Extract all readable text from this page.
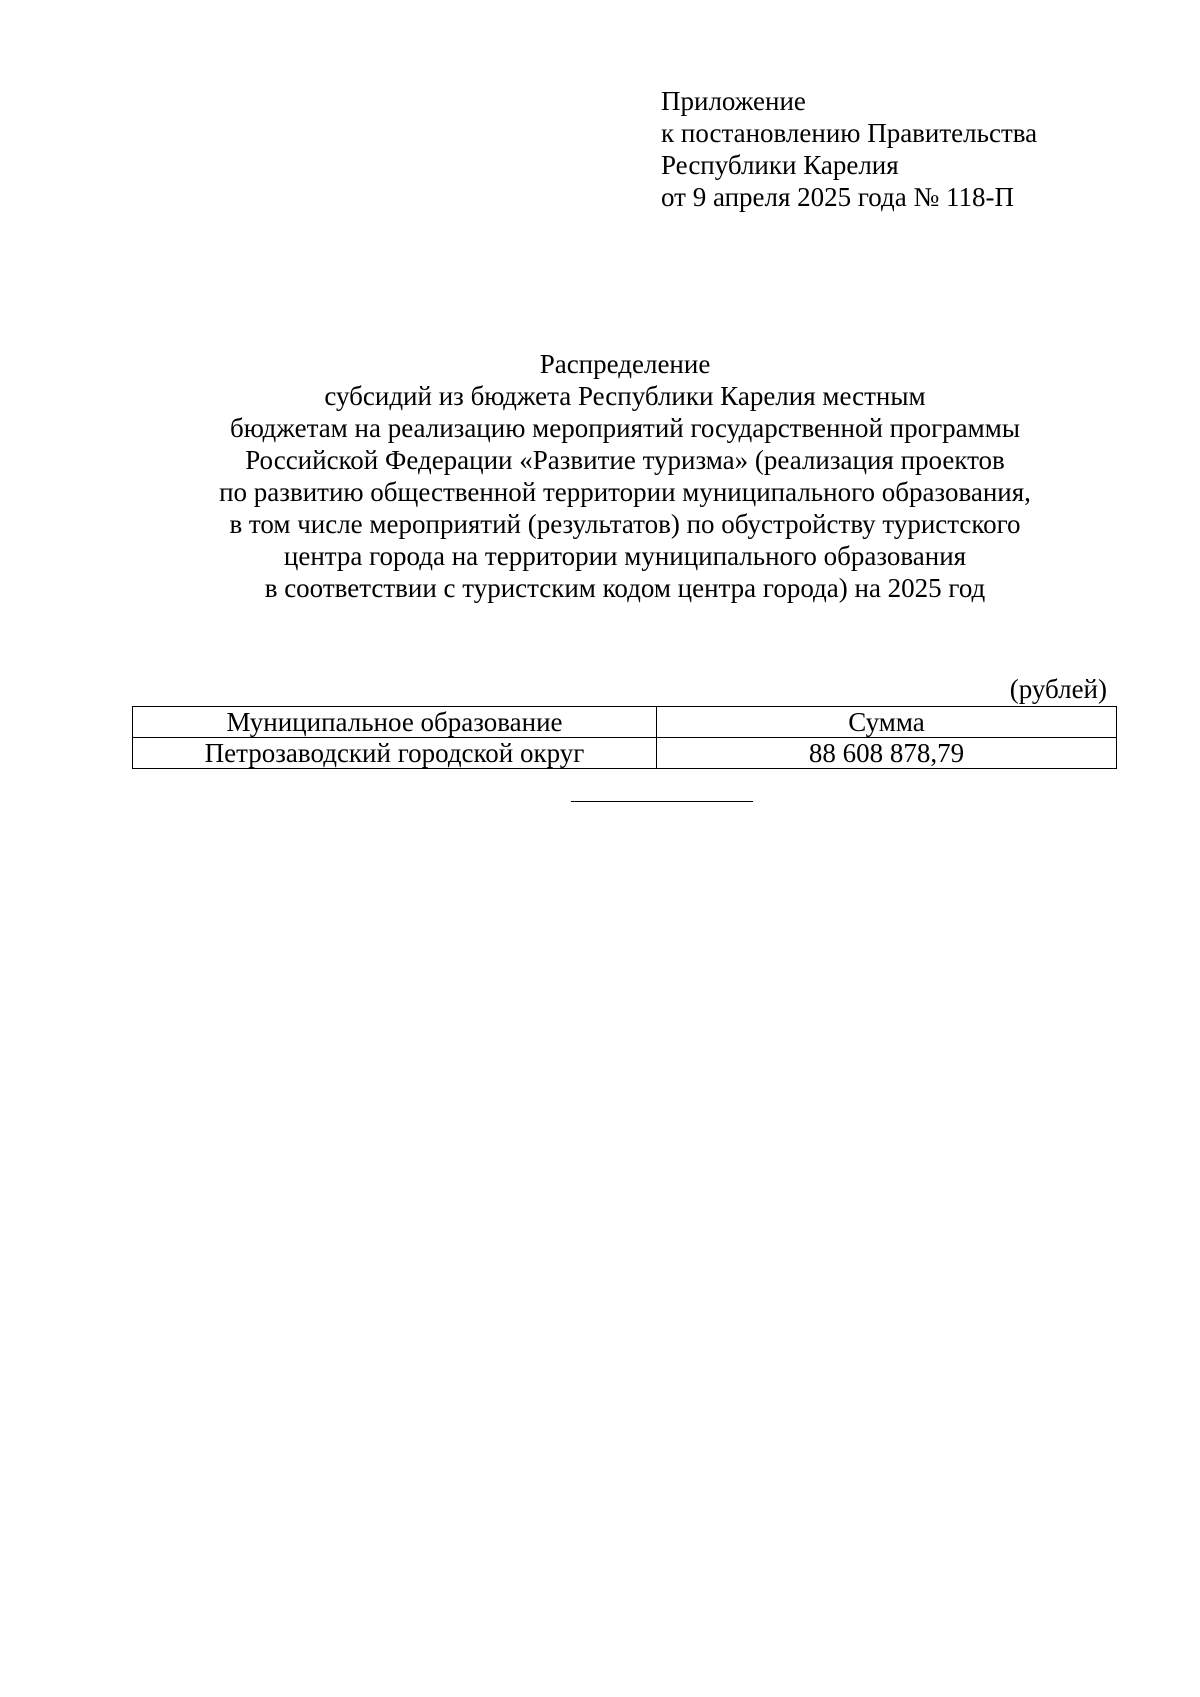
Приложение
к постановлению Правительства
Республики Карелия
от 9 апреля 2025 года № 118-П
Распределение
субсидий из бюджета Республики Карелия местным
бюджетам на реализацию мероприятий государственной программы
Российской Федерации «Развитие туризма» (реализация проектов
по развитию общественной территории муниципального образования,
в том числе мероприятий (результатов) по обустройству туристского
центра города на территории муниципального образования
в соответствии с туристским кодом центра города) на 2025 год
(рублей)
Муниципальное образование	Сумма
Петрозаводский городской округ	88 608 878,79
